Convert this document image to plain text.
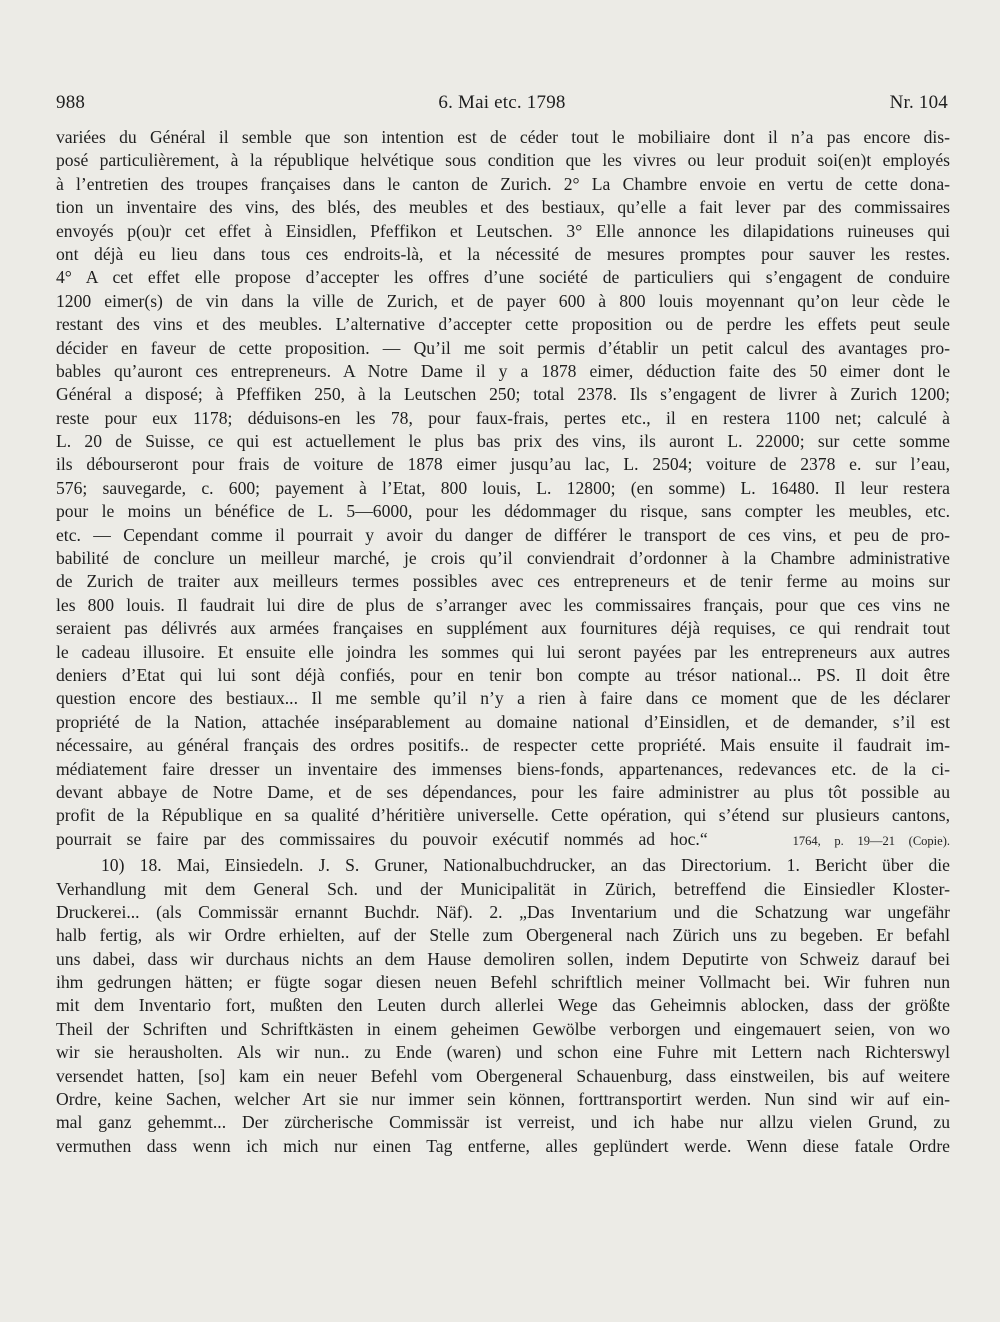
988	6. Mai etc. 1798	Nr. 104
variées du Général il semble que son intention est de céder tout le mobiliaire dont il n’a pas encore dis-
posé particulièrement, à la république helvétique sous condition que les vivres ou leur produit soi(en)t employés
à l’entretien des troupes françaises dans le canton de Zurich. 2° La Chambre envoie en vertu de cette dona-
tion un inventaire des vins, des blés, des meubles et des bestiaux, qu’elle a fait lever par des commissaires
envoyés p(ou)r cet effet à Einsidlen, Pfeffikon et Leutschen. 3° Elle annonce les dilapidations ruineuses qui
ont déjà eu lieu dans tous ces endroits-là, et la nécessité de mesures promptes pour sauver les restes.
4° A cet effet elle propose d’accepter les offres d’une société de particuliers qui s’engagent de conduire
1200 eimer(s) de vin dans la ville de Zurich, et de payer 600 à 800 louis moyennant qu’on leur cède le
restant des vins et des meubles. L’alternative d’accepter cette proposition ou de perdre les effets peut seule
décider en faveur de cette proposition. — Qu’il me soit permis d’établir un petit calcul des avantages pro-
bables qu’auront ces entrepreneurs. A Notre Dame il y a 1878 eimer, déduction faite des 50 eimer dont le
Général a disposé; à Pfeffiken 250, à la Leutschen 250; total 2378. Ils s’engagent de livrer à Zurich 1200;
reste pour eux 1178; déduisons-en les 78, pour faux-frais, pertes etc., il en restera 1100 net; calculé à
L. 20 de Suisse, ce qui est actuellement le plus bas prix des vins, ils auront L. 22000; sur cette somme
ils débourseront pour frais de voiture de 1878 eimer jusqu’au lac, L. 2504; voiture de 2378 e. sur l’eau,
576; sauvegarde, c. 600; payement à l’Etat, 800 louis, L. 12800; (en somme) L. 16480. Il leur restera
pour le moins un bénéfice de L. 5—6000, pour les dédommager du risque, sans compter les meubles, etc.
etc. — Cependant comme il pourrait y avoir du danger de différer le transport de ces vins, et peu de pro-
babilité de conclure un meilleur marché, je crois qu’il conviendrait d’ordonner à la Chambre administrative
de Zurich de traiter aux meilleurs termes possibles avec ces entrepreneurs et de tenir ferme au moins sur
les 800 louis. Il faudrait lui dire de plus de s’arranger avec les commissaires français, pour que ces vins ne
seraient pas délivrés aux armées françaises en supplément aux fournitures déjà requises, ce qui rendrait tout
le cadeau illusoire. Et ensuite elle joindra les sommes qui lui seront payées par les entrepreneurs aux autres
deniers d’Etat qui lui sont déjà confiés, pour en tenir bon compte au trésor national... PS. Il doit être
question encore des bestiaux... Il me semble qu’il n’y a rien à faire dans ce moment que de les déclarer
propriété de la Nation, attachée inséparablement au domaine national d’Einsidlen, et de demander, s’il est
nécessaire, au général français des ordres positifs.. de respecter cette propriété. Mais ensuite il faudrait im-
médiatement faire dresser un inventaire des immenses biens-fonds, appartenances, redevances etc. de la ci-
devant abbaye de Notre Dame, et de ses dépendances, pour les faire administrer au plus tôt possible au
profit de la République en sa qualité d’héritière universelle. Cette opération, qui s’étend sur plusieurs cantons,
pourrait se faire par des commissaires du pouvoir exécutif nommés ad hoc.“	1764, p. 19—21 (Copie).
10) 18. Mai, Einsiedeln. J. S. Gruner, Nationalbuchdrucker, an das Directorium. 1. Bericht über die
Verhandlung mit dem General Sch. und der Municipalität in Zürich, betreffend die Einsiedler Kloster-
Druckerei... (als Commissär ernannt Buchdr. Näf). 2. „Das Inventarium und die Schatzung war ungefähr
halb fertig, als wir Ordre erhielten, auf der Stelle zum Obergeneral nach Zürich uns zu begeben. Er befahl
uns dabei, dass wir durchaus nichts an dem Hause demoliren sollen, indem Deputirte von Schweiz darauf bei
ihm gedrungen hätten; er fügte sogar diesen neuen Befehl schriftlich meiner Vollmacht bei. Wir fuhren nun
mit dem Inventario fort, mußten den Leuten durch allerlei Wege das Geheimnis ablocken, dass der größte
Theil der Schriften und Schriftkästen in einem geheimen Gewölbe verborgen und eingemauert seien, von wo
wir sie herausholten. Als wir nun.. zu Ende (waren) und schon eine Fuhre mit Lettern nach Richterswyl
versendet hatten, [so] kam ein neuer Befehl vom Obergeneral Schauenburg, dass einstweilen, bis auf weitere
Ordre, keine Sachen, welcher Art sie nur immer sein können, forttransportirt werden. Nun sind wir auf ein-
mal ganz gehemmt... Der zürcherische Commissär ist verreist, und ich habe nur allzu vielen Grund, zu
vermuthen dass wenn ich mich nur einen Tag entferne, alles geplündert werde. Wenn diese fatale Ordre
